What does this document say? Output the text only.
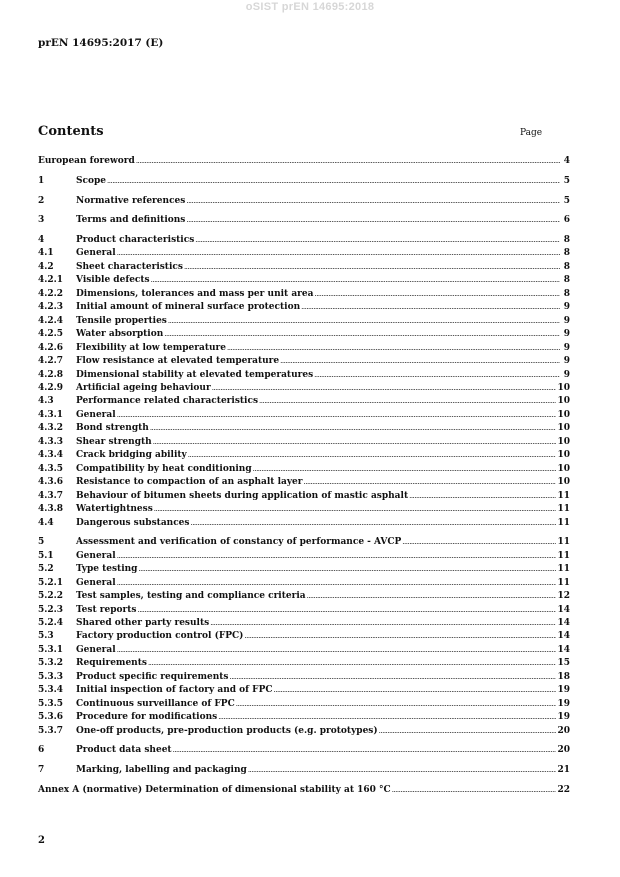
oSIST prEN 14695:2018
prEN 14695:2017 (E)
Contents	Page
European foreword .....	4
1	Scope .....	5
2	Normative references .....	5
3	Terms and definitions .....	6
4	Product characteristics .....	8
4.1	General .....	8
4.2	Sheet characteristics .....	8
4.2.1	Visible defects .....	8
4.2.2	Dimensions, tolerances and mass per unit area .....	8
4.2.3	Initial amount of mineral surface protection .....	9
4.2.4	Tensile properties .....	9
4.2.5	Water absorption .....	9
4.2.6	Flexibility at low temperature .....	9
4.2.7	Flow resistance at elevated temperature .....	9
4.2.8	Dimensional stability at elevated temperatures .....	9
4.2.9	Artificial ageing behaviour .....	10
4.3	Performance related characteristics .....	10
4.3.1	General .....	10
4.3.2	Bond strength .....	10
4.3.3	Shear strength .....	10
4.3.4	Crack bridging ability .....	10
4.3.5	Compatibility by heat conditioning .....	10
4.3.6	Resistance to compaction of an asphalt layer .....	10
4.3.7	Behaviour of bitumen sheets during application of mastic asphalt .....	11
4.3.8	Watertightness .....	11
4.4	Dangerous substances .....	11
5	Assessment and verification of constancy of performance - AVCP .....	11
5.1	General .....	11
5.2	Type testing .....	11
5.2.1	General .....	11
5.2.2	Test samples, testing and compliance criteria .....	12
5.2.3	Test reports .....	14
5.2.4	Shared other party results .....	14
5.3	Factory production control (FPC) .....	14
5.3.1	General .....	14
5.3.2	Requirements .....	15
5.3.3	Product specific requirements .....	18
5.3.4	Initial inspection of factory and of FPC .....	19
5.3.5	Continuous surveillance of FPC .....	19
5.3.6	Procedure for modifications .....	19
5.3.7	One-off products, pre-production products (e.g. prototypes) .....	20
6	Product data sheet .....	20
7	Marking, labelling and packaging .....	21
Annex A (normative) Determination of dimensional stability at 160 °C .....	22
2
